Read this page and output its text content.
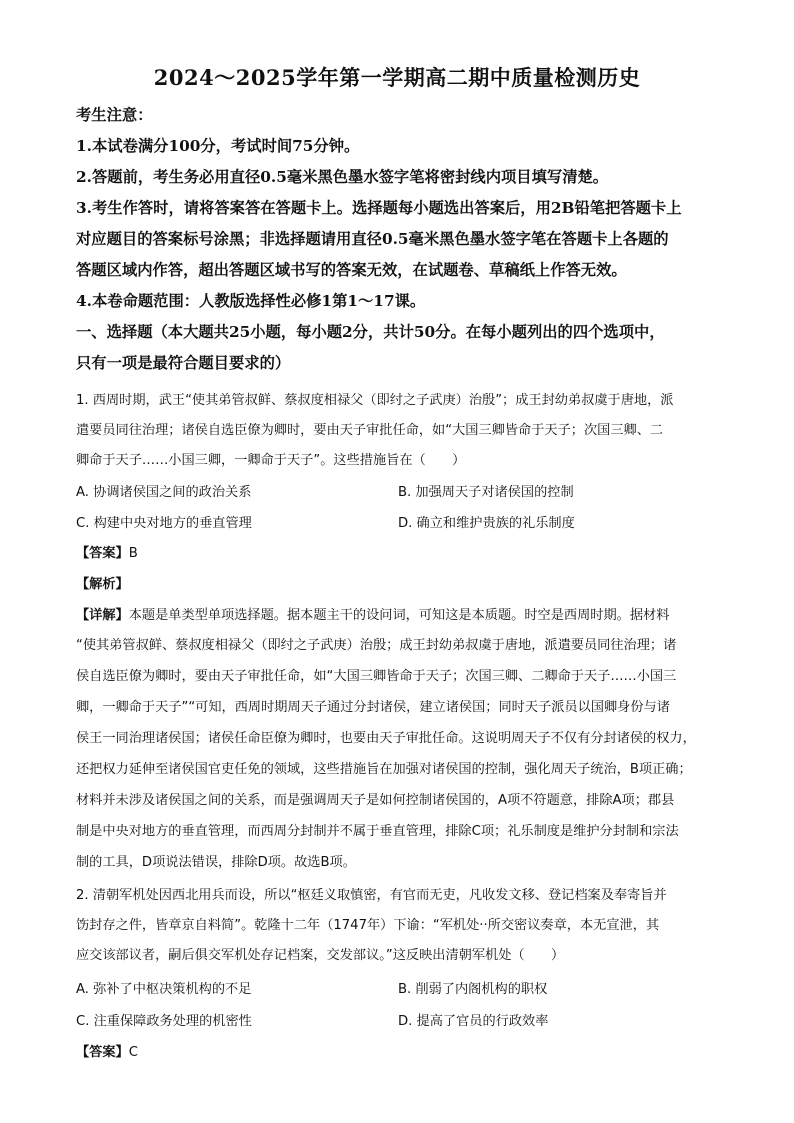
2024～2025学年第一学期高二期中质量检测历史
考生注意：
1.本试卷满分100分，考试时间75分钟。
2.答题前，考生务必用直径0.5毫米黑色墨水签字笔将密封线内项目填写清楚。
3.考生作答时，请将答案答在答题卡上。选择题每小题选出答案后，用2B铅笔把答题卡上
对应题目的答案标号涂黑；非选择题请用直径0.5毫米黑色墨水签字笔在答题卡上各题的
答题区域内作答，超出答题区域书写的答案无效，在试题卷、草稿纸上作答无效。
4.本卷命题范围：人教版选择性必修1第1～17课。
一、选择题（本大题共25小题，每小题2分，共计50分。在每小题列出的四个选项中，
只有一项是最符合题目要求的）
1. 西周时期，武王“使其弟管叔鲜、蔡叔度相禄父（即纣之子武庚）治殷”；成王封幼弟叔虞于唐地，派
遣要员同往治理；诸侯自选臣僚为卿时，要由天子审批任命，如“大国三卿皆命于天子；次国三卿、二
卿命于天子……小国三卿，一卿命于天子”。这些措施旨在（　　）
A. 协调诸侯国之间的政治关系	B. 加强周天子对诸侯国的控制
C. 构建中央对地方的垂直管理	D. 确立和维护贵族的礼乐制度
【答案】B
【解析】
【详解】本题是单类型单项选择题。据本题主干的设问词，可知这是本质题。时空是西周时期。据材料
“使其弟管叔鲜、蔡叔度相禄父（即纣之子武庚）治殷；成王封幼弟叔虞于唐地，派遣要员同往治理；诸
侯自选臣僚为卿时，要由天子审批任命，如“大国三卿皆命于天子；次国三卿、二卿命于天子……小国三
卿，一卿命于天子”“可知，西周时期周天子通过分封诸侯，建立诸侯国；同时天子派员以国卿身份与诸
侯王一同治理诸侯国；诸侯任命臣僚为卿时，也要由天子审批任命。这说明周天子不仅有分封诸侯的权力，
还把权力延伸至诸侯国官吏任免的领域，这些措施旨在加强对诸侯国的控制，强化周天子统治，B项正确；
材料并未涉及诸侯国之间的关系，而是强调周天子是如何控制诸侯国的，A项不符题意，排除A项；郡县
制是中央对地方的垂直管理，而西周分封制并不属于垂直管理，排除C项；礼乐制度是维护分封制和宗法
制的工具，D项说法错误，排除D项。故选B项。
2. 清朝军机处因西北用兵而设，所以“枢廷义取慎密，有官而无吏，凡收发文移、登记档案及奉寄旨并
饬封存之件，皆章京自料简”。乾隆十二年（1747年）下谕：“军机处··所交密议奏章，本无宣泄，其
应交该部议者，嗣后俱交军机处存记档案，交发部议。”这反映出清朝军机处（　　）
A. 弥补了中枢决策机构的不足	B. 削弱了内阁机构的职权
C. 注重保障政务处理的机密性	D. 提高了官员的行政效率
【答案】C
